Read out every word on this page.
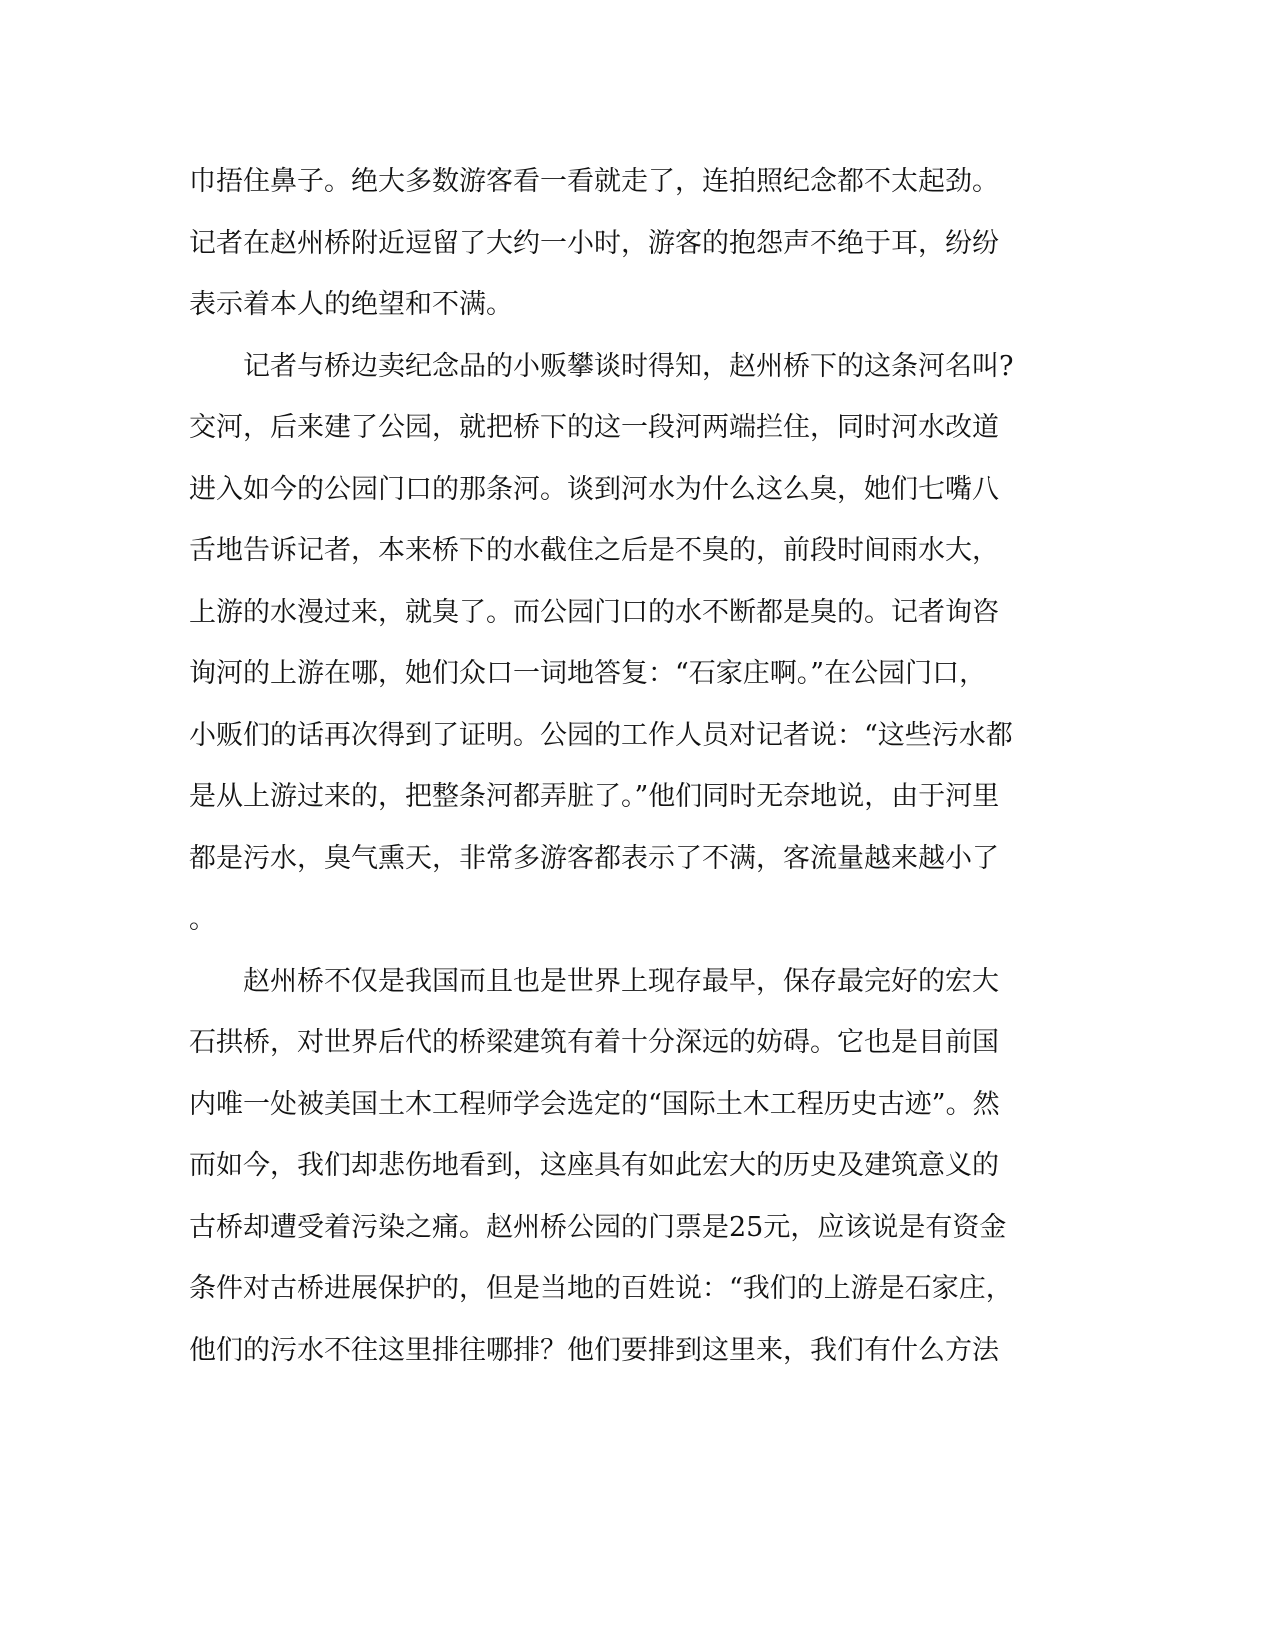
巾捂住鼻子。绝大多数游客看一看就走了，连拍照纪念都不太起劲。
记者在赵州桥附近逗留了大约一小时，游客的抱怨声不绝于耳，纷纷
表示着本人的绝望和不满。
　　记者与桥边卖纪念品的小贩攀谈时得知，赵州桥下的这条河名叫?
交河，后来建了公园，就把桥下的这一段河两端拦住，同时河水改道
进入如今的公园门口的那条河。谈到河水为什么这么臭，她们七嘴八
舌地告诉记者，本来桥下的水截住之后是不臭的，前段时间雨水大，
上游的水漫过来，就臭了。而公园门口的水不断都是臭的。记者询咨
询河的上游在哪，她们众口一词地答复：“石家庄啊。”在公园门口，
小贩们的话再次得到了证明。公园的工作人员对记者说：“这些污水都
是从上游过来的，把整条河都弄脏了。”他们同时无奈地说，由于河里
都是污水，臭气熏天，非常多游客都表示了不满，客流量越来越小了
。
　　赵州桥不仅是我国而且也是世界上现存最早，保存最完好的宏大
石拱桥，对世界后代的桥梁建筑有着十分深远的妨碍。它也是目前国
内唯一处被美国土木工程师学会选定的“国际土木工程历史古迹”。然
而如今，我们却悲伤地看到，这座具有如此宏大的历史及建筑意义的
古桥却遭受着污染之痛。赵州桥公园的门票是25元，应该说是有资金
条件对古桥进展保护的，但是当地的百姓说：“我们的上游是石家庄，
他们的污水不往这里排往哪排？他们要排到这里来，我们有什么方法
